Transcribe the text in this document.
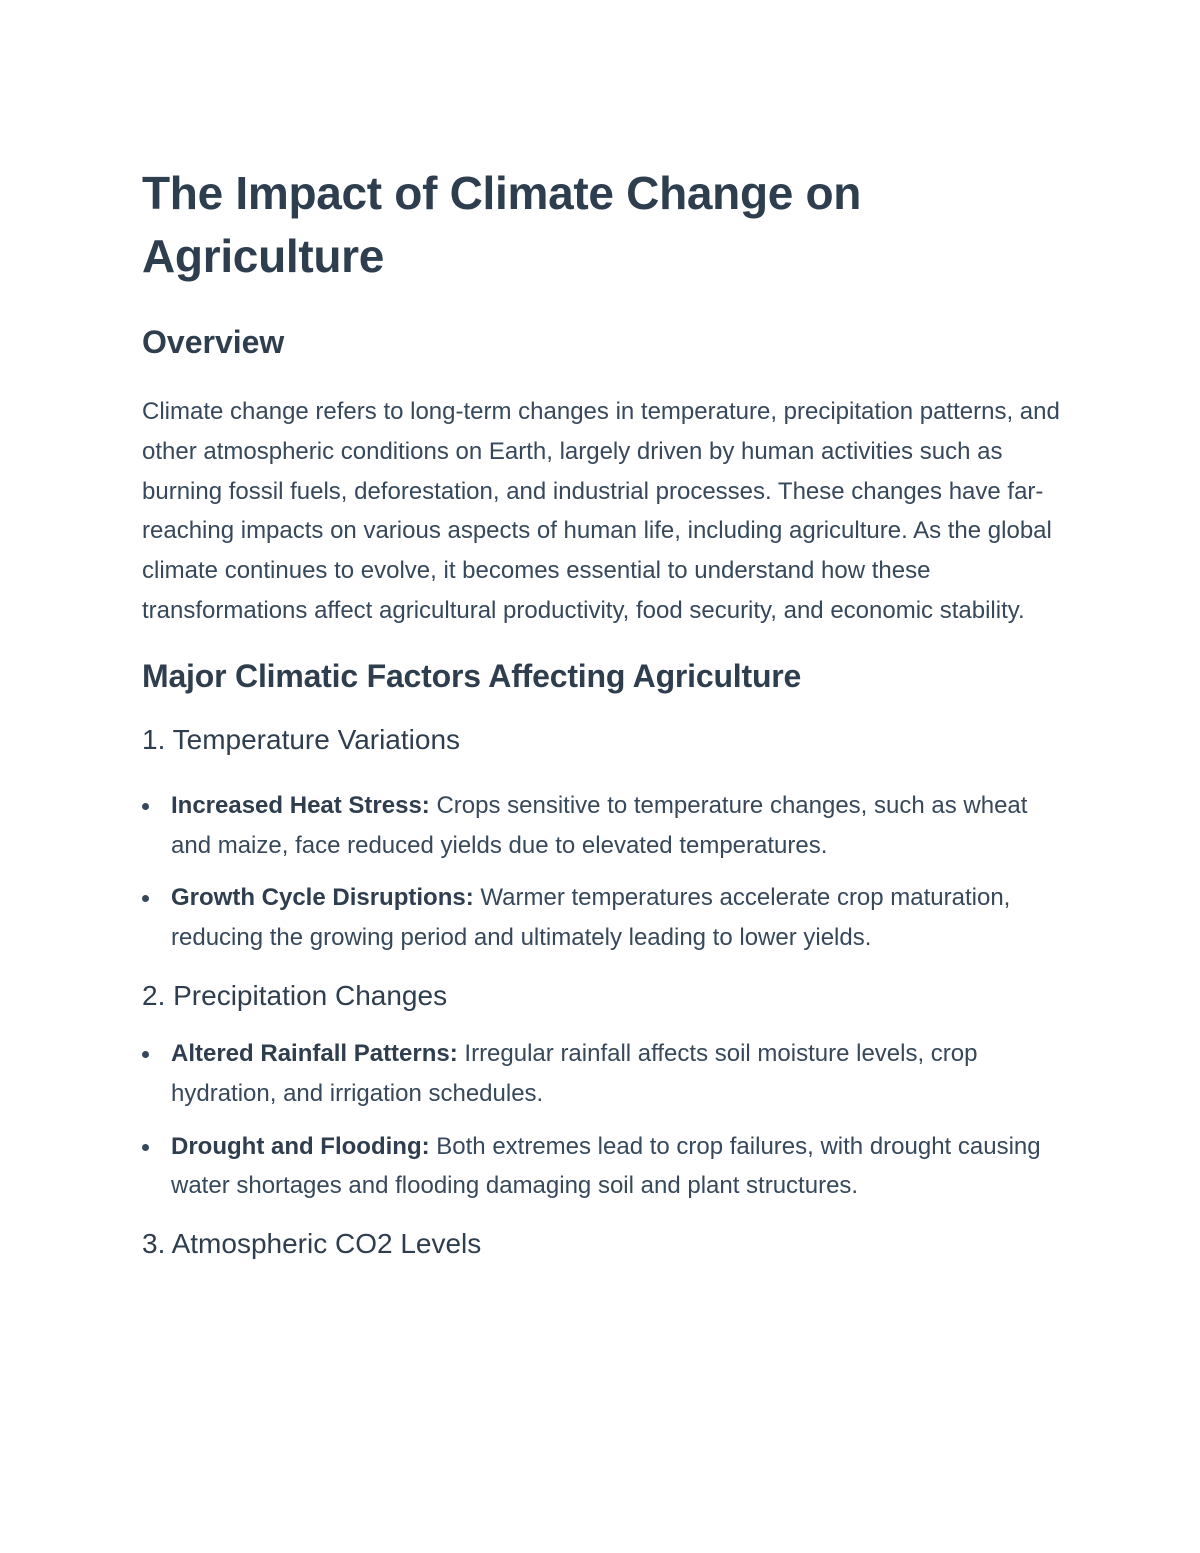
The Impact of Climate Change on Agriculture
Overview

Climate change refers to long-term changes in temperature, precipitation patterns, and other atmospheric conditions on Earth, largely driven by human activities such as burning fossil fuels, deforestation, and industrial processes. These changes have far-reaching impacts on various aspects of human life, including agriculture. As the global climate continues to evolve, it becomes essential to understand how these transformations affect agricultural productivity, food security, and economic stability.

Major Climatic Factors Affecting Agriculture
1. Temperature Variations
Increased Heat Stress: Crops sensitive to temperature changes, such as wheat and maize, face reduced yields due to elevated temperatures.
Growth Cycle Disruptions: Warmer temperatures accelerate crop maturation, reducing the growing period and ultimately leading to lower yields.
2. Precipitation Changes
Altered Rainfall Patterns: Irregular rainfall affects soil moisture levels, crop hydration, and irrigation schedules.
Drought and Flooding: Both extremes lead to crop failures, with drought causing water shortages and flooding damaging soil and plant structures.
3. Atmospheric CO2 Levels
